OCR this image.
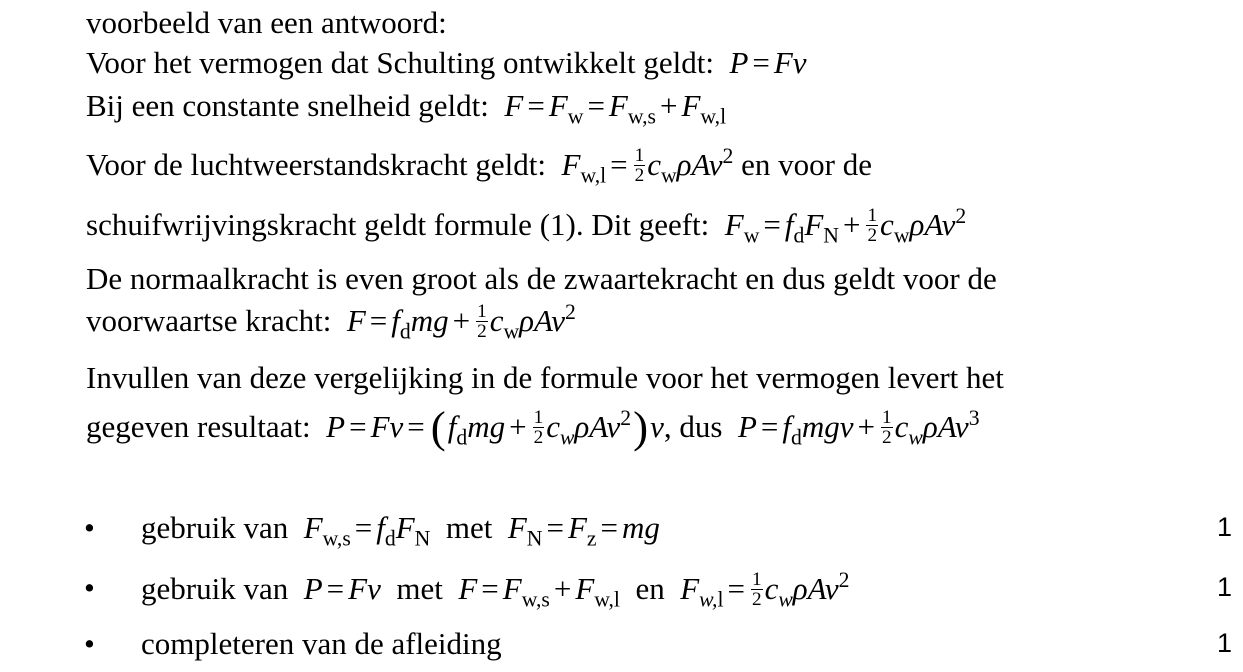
voorbeeld van een antwoord:
Voor het vermogen dat Schulting ontwikkelt geldt:  P = Fv
Bij een constante snelheid geldt:  $F = F_w = F_{w,s} + F_{w,l}$
Voor de luchtweerstandskracht geldt:  $F_{w,l} = \frac{1}{2} c_w\rho Av^2$ en voor de
schuifwrijvingskracht geldt formule (1). Dit geeft:  $F_w = f_dF_N + \frac{1}{2} c_w\rho Av^2$
De normaalkracht is even groot als de zwaartekracht en dus geldt voor de
voorwaartse kracht:  $F = f_dmg + \frac{1}{2} c_w\rho Av^2$
Invullen van deze vergelijking in de formule voor het vermogen levert het
gegeven resultaat:  $P = Fv = (f_dmg + \frac{1}{2} c_w\rho Av^2)v$, dus  $P = f_dmgv + \frac{1}{2} c_w\rho Av^3$
• gebruik van  $F_{w,s} = f_dF_N$ met  $F_N = F_z$ = mg	1
• gebruik van  P = Fv met  $F = F_{w,s} + F_{w,l}$ en  $F_{w,l} = \frac{1}{2} c_w\rho Av^2$	1
• completeren van de afleiding	1
